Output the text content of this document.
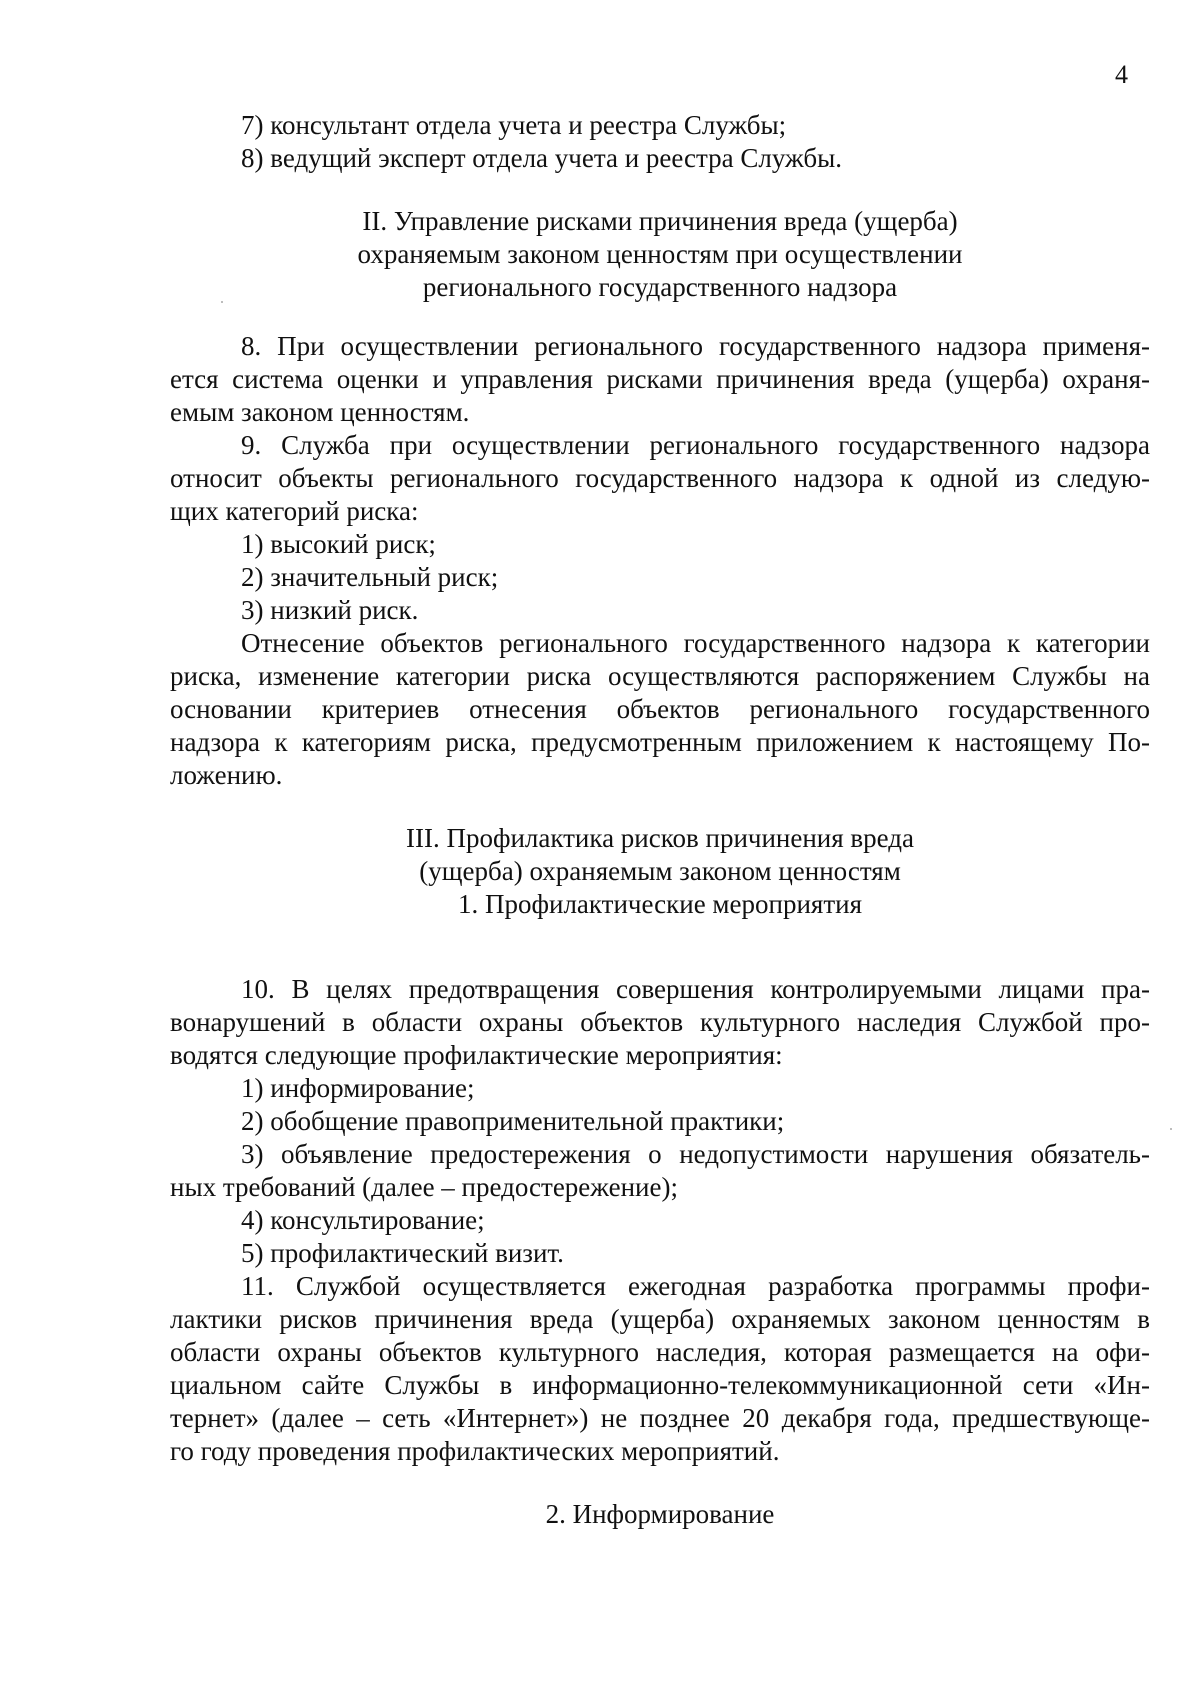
4
7) консультант отдела учета и реестра Службы;
8) ведущий эксперт отдела учета и реестра Службы.
II. Управление рисками причинения вреда (ущерба)
охраняемым законом ценностям при осуществлении
регионального государственного надзора
8. При осуществлении регионального государственного надзора применя-
ется система оценки и управления рисками причинения вреда (ущерба) охраня-
емым законом ценностям.
9. Служба при осуществлении регионального государственного надзора
относит объекты регионального государственного надзора к одной из следую-
щих категорий риска:
1) высокий риск;
2) значительный риск;
3) низкий риск.
Отнесение объектов регионального государственного надзора к категории
риска, изменение категории риска осуществляются распоряжением Службы на
основании критериев отнесения объектов регионального государственного
надзора к категориям риска, предусмотренным приложением к настоящему По-
ложению.
III. Профилактика рисков причинения вреда
(ущерба) охраняемым законом ценностям
1. Профилактические мероприятия
10. В целях предотвращения совершения контролируемыми лицами пра-
вонарушений в области охраны объектов культурного наследия Службой про-
водятся следующие профилактические мероприятия:
1) информирование;
2) обобщение правоприменительной практики;
3) объявление предостережения о недопустимости нарушения обязатель-
ных требований (далее – предостережение);
4) консультирование;
5) профилактический визит.
11. Службой осуществляется ежегодная разработка программы профи-
лактики рисков причинения вреда (ущерба) охраняемых законом ценностям в
области охраны объектов культурного наследия, которая размещается на офи-
циальном сайте Службы в информационно-телекоммуникационной сети «Ин-
тернет» (далее – сеть «Интернет») не позднее 20 декабря года, предшествующе-
го году проведения профилактических мероприятий.
2. Информирование
